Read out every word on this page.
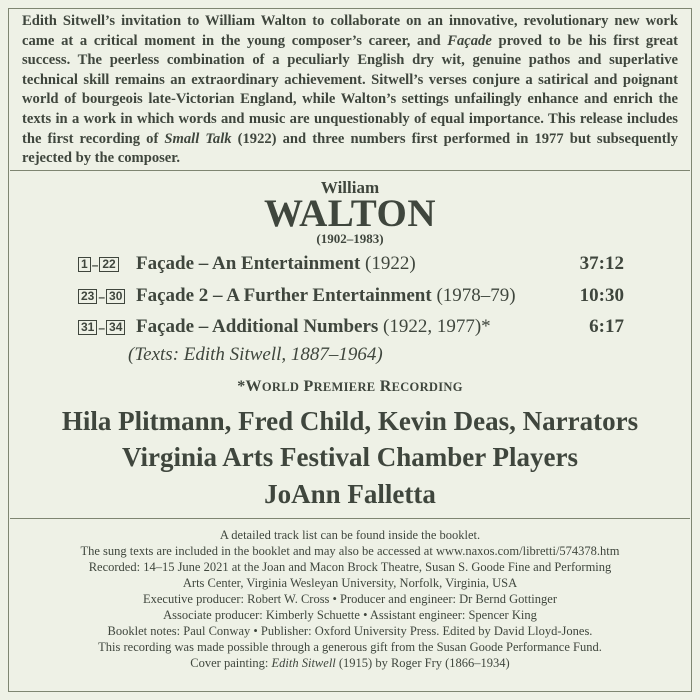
Edith Sitwell’s invitation to William Walton to collaborate on an innovative, revolutionary new work came at a critical moment in the young composer’s career, and Façade proved to be his first great success. The peerless combination of a peculiarly English dry wit, genuine pathos and superlative technical skill remains an extraordinary achievement. Sitwell’s verses conjure a satirical and poignant world of bourgeois late-Victorian England, while Walton’s settings unfailingly enhance and enrich the texts in a work in which words and music are unquestionably of equal importance. This release includes the first recording of Small Talk (1922) and three numbers first performed in 1977 but subsequently rejected by the composer.
William
WALTON
(1902–1983)
1 – 22 Façade – An Entertainment (1922)	37:12
23 – 30 Façade 2 – A Further Entertainment (1978–79)	10:30
31 – 34 Façade – Additional Numbers (1922, 1977)*	6:17
(Texts: Edith Sitwell, 1887–1964)
*WORLD PREMIERE RECORDING
Hila Plitmann, Fred Child, Kevin Deas, Narrators
Virginia Arts Festival Chamber Players
JoAnn Falletta
A detailed track list can be found inside the booklet.
The sung texts are included in the booklet and may also be accessed at www.naxos.com/libretti/574378.htm
Recorded: 14–15 June 2021 at the Joan and Macon Brock Theatre, Susan S. Goode Fine and Performing
Arts Center, Virginia Wesleyan University, Norfolk, Virginia, USA
Executive producer: Robert W. Cross • Producer and engineer: Dr Bernd Gottinger
Associate producer: Kimberly Schuette • Assistant engineer: Spencer King
Booklet notes: Paul Conway • Publisher: Oxford University Press. Edited by David Lloyd-Jones.
This recording was made possible through a generous gift from the Susan Goode Performance Fund.
Cover painting: Edith Sitwell (1915) by Roger Fry (1866–1934)
